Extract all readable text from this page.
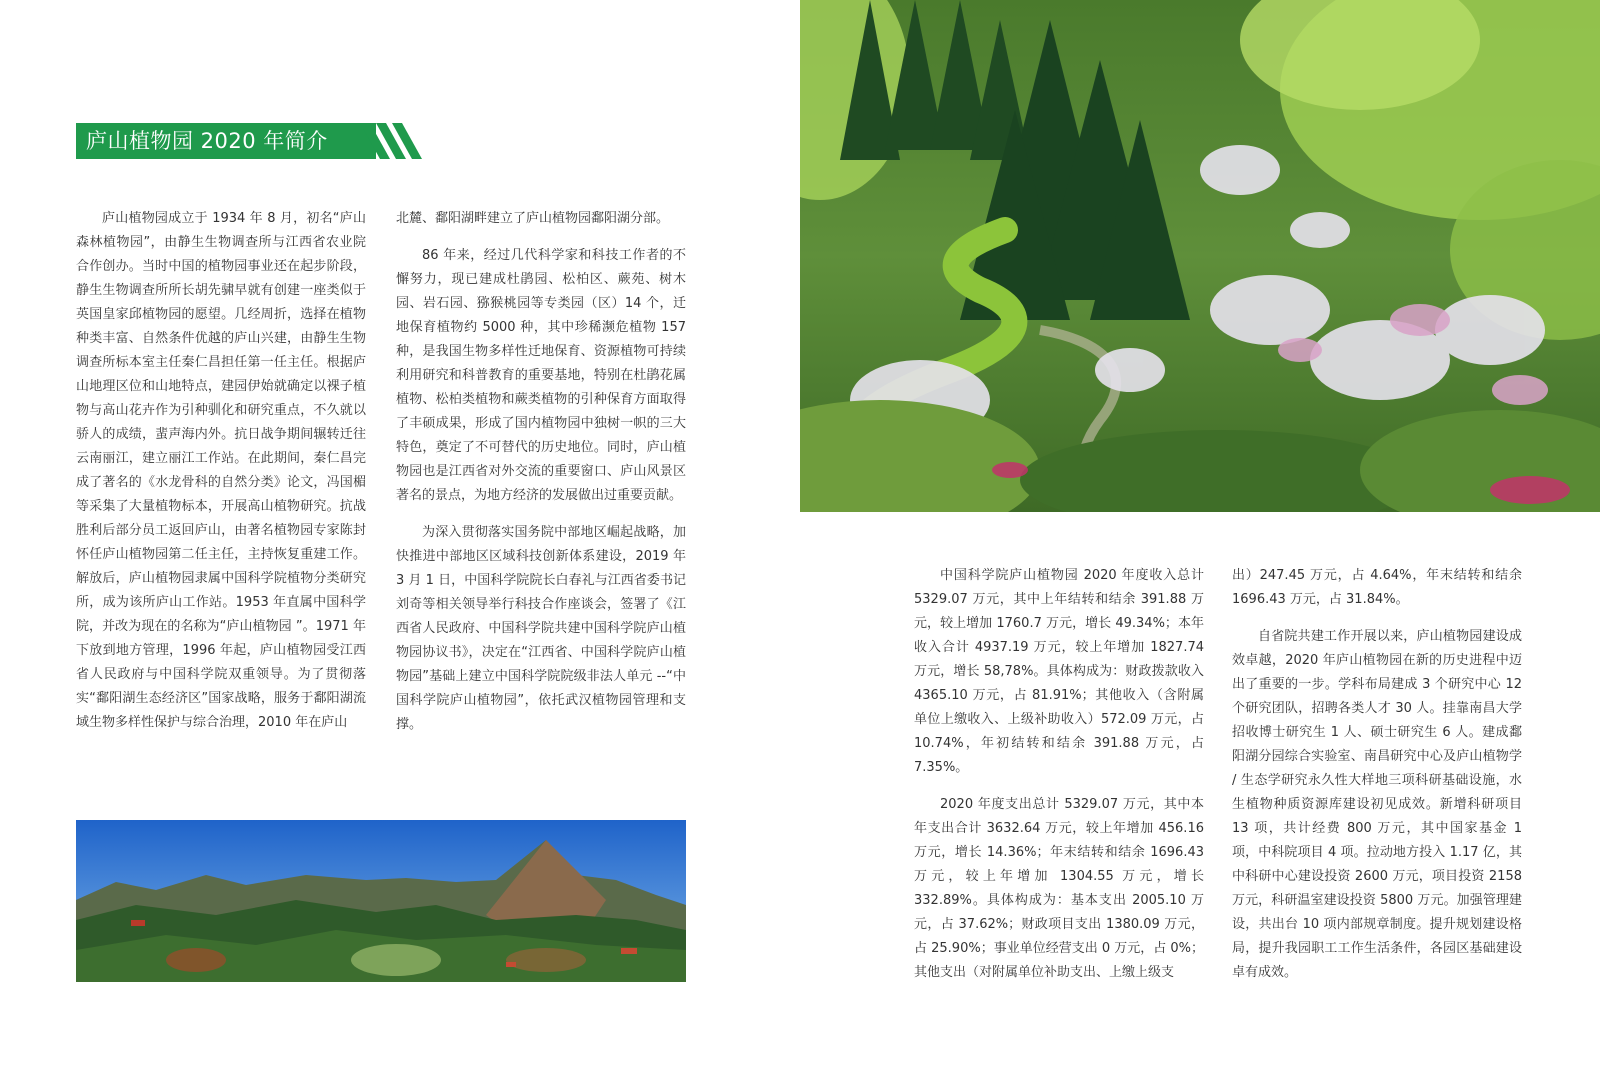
庐山植物园 2020 年简介

庐山植物园成立于 1934 年 8 月，初名“庐山森林植物园”，由静生生物调查所与江西省农业院合作创办。当时中国的植物园事业还在起步阶段，静生生物调查所所长胡先骕早就有创建一座类似于英国皇家邱植物园的愿望。几经周折，选择在植物种类丰富、自然条件优越的庐山兴建，由静生生物调查所标本室主任秦仁昌担任第一任主任。根据庐山地理区位和山地特点，建园伊始就确定以裸子植物与高山花卉作为引种驯化和研究重点，不久就以骄人的成绩，蜚声海内外。抗日战争期间辗转迁往云南丽江，建立丽江工作站。在此期间，秦仁昌完成了著名的《水龙骨科的自然分类》论文，冯国楣等采集了大量植物标本，开展高山植物研究。抗战胜利后部分员工返回庐山，由著名植物园专家陈封怀任庐山植物园第二任主任，主持恢复重建工作。解放后，庐山植物园隶属中国科学院植物分类研究所，成为该所庐山工作站。1953 年直属中国科学院，并改为现在的名称为“庐山植物园 ”。1971 年下放到地方管理，1996 年起，庐山植物园受江西省人民政府与中国科学院双重领导。为了贯彻落实“鄱阳湖生态经济区”国家战略，服务于鄱阳湖流域生物多样性保护与综合治理，2010 年在庐山

北麓、鄱阳湖畔建立了庐山植物园鄱阳湖分部。

86 年来，经过几代科学家和科技工作者的不懈努力，现已建成杜鹃园、松柏区、蕨苑、树木园、岩石园、猕猴桃园等专类园（区）14 个，迁地保育植物约 5000 种，其中珍稀濒危植物 157 种，是我国生物多样性迁地保育、资源植物可持续利用研究和科普教育的重要基地，特别在杜鹃花属植物、松柏类植物和蕨类植物的引种保育方面取得了丰硕成果，形成了国内植物园中独树一帜的三大特色，奠定了不可替代的历史地位。同时，庐山植物园也是江西省对外交流的重要窗口、庐山风景区著名的景点，为地方经济的发展做出过重要贡献。

为深入贯彻落实国务院中部地区崛起战略，加快推进中部地区区域科技创新体系建设，2019 年 3 月 1 日，中国科学院院长白春礼与江西省委书记刘奇等相关领导举行科技合作座谈会，签署了《江西省人民政府、中国科学院共建中国科学院庐山植物园协议书》，决定在“江西省、中国科学院庐山植物园”基础上建立中国科学院院级非法人单元 --“中国科学院庐山植物园”，依托武汉植物园管理和支撑。

中国科学院庐山植物园 2020 年度收入总计 5329.07 万元，其中上年结转和结余 391.88 万元，较上增加 1760.7 万元，增长 49.34%；本年收入合计 4937.19 万元，较上年增加 1827.74 万元，增长 58,78%。具体构成为：财政拨款收入 4365.10 万元，占 81.91%；其他收入（含附属单位上缴收入、上级补助收入）572.09 万元，占 10.74%，年初结转和结余 391.88 万元，占 7.35%。

2020 年度支出总计 5329.07 万元，其中本年支出合计 3632.64 万元，较上年增加 456.16 万元，增长 14.36%；年末结转和结余 1696.43 万元，较上年增加 1304.55 万元，增长 332.89%。具体构成为：基本支出 2005.10 万元，占 37.62%；财政项目支出 1380.09 万元，占 25.90%；事业单位经营支出 0 万元，占 0%；其他支出（对附属单位补助支出、上缴上级支

出）247.45 万元，占 4.64%，年末结转和结余 1696.43 万元，占 31.84%。

自省院共建工作开展以来，庐山植物园建设成效卓越，2020 年庐山植物园在新的历史进程中迈出了重要的一步。学科布局建成 3 个研究中心 12 个研究团队，招聘各类人才 30 人。挂靠南昌大学招收博士研究生 1 人、硕士研究生 6 人。建成鄱阳湖分园综合实验室、南昌研究中心及庐山植物学 / 生态学研究永久性大样地三项科研基础设施，水生植物种质资源库建设初见成效。新增科研项目 13 项，共计经费 800 万元，其中国家基金 1 项，中科院项目 4 项。拉动地方投入 1.17 亿，其中科研中心建设投资 2600 万元，项目投资 2158 万元，科研温室建设投资 5800 万元。加强管理建设，共出台 10 项内部规章制度。提升规划建设格局，提升我园职工工作生活条件，各园区基础建设卓有成效。
